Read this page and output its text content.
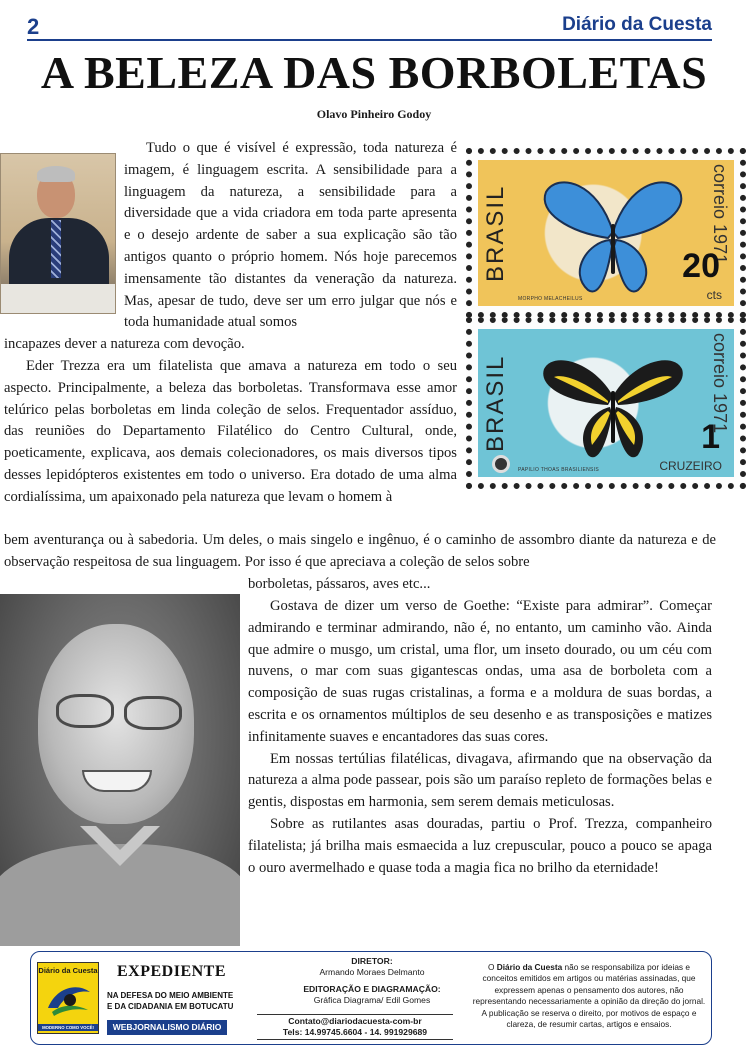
2	Diário da Cuesta
A BELEZA DAS BORBOLETAS
Olavo Pinheiro Godoy
BRASIL	correio 1971
20
cts
MORPHO MELACHEILUS
BRASIL	correio 1971
1
CRUZEIRO
PAPILIO THOAS BRASILIENSIS

Tudo o que é visível é expressão, toda natureza é imagem, é linguagem escrita. A sensibilidade para a linguagem da natureza, a sensibilidade para a diversidade que a vida criadora em toda parte apresenta e o desejo ardente de saber a sua explicação são tão antigos quanto o próprio homem. Nós hoje parecemos imensamente tão distantes da veneração da natureza. Mas, apesar de tudo, deve ser um erro julgar que nós e toda humanidade atual somos

incapazes dever a natureza com devoção.

Eder Trezza era um filatelista que amava a natureza em todo o seu aspecto. Principalmente, a beleza das borboletas. Transformava esse amor telúrico pelas borboletas em linda coleção de selos. Frequentador assíduo, das reuniões do Departamento Filatélico do Centro Cultural, onde, poeticamente, explicava, aos demais colecionadores, os mais diversos tipos desses lepidópteros existentes em todo o universo. Era dotado de uma alma cordialíssima, um apaixonado pela natureza que levam o homem à

bem aventurança ou à sabedoria. Um deles, o mais singelo e ingênuo, é o caminho de assombro diante da natureza e de observação respeitosa de sua linguagem. Por isso é que apreciava a coleção de selos sobre

borboletas, pássaros, aves etc...

Gostava de dizer um verso de Goethe: “Existe para admirar”. Começar admirando e terminar admirando, não é, no entanto, um caminho vão. Ainda que admire o musgo, um cristal, uma flor, um inseto dourado, ou um céu com nuvens, o mar com suas gigantescas ondas, uma asa de borboleta com a composição de suas rugas cristalinas, a forma e a moldura de suas bordas, a escrita e os ornamentos múltiplos de seu desenho e as transposições e matizes infinitamente suaves e encantadores das suas cores.

Em nossas tertúlias filatélicas, divagava, afirmando que na observação da natureza a alma pode passear, pois são um paraíso repleto de formações belas e gentis, dispostas em harmonia, sem serem demais meticulosas.

Sobre as rutilantes asas douradas, partiu o Prof. Trezza, companheiro filatelista; já brilha mais esmaecida a luz crepuscular, pouco a pouco se apaga o ouro avermelhado e quase toda a magia fica no brilho da eternidade!

Diário da Cuesta
MODERNO COMO VOCÊ!
EXPEDIENTE
NA DEFESA DO MEIO AMBIENTE
E DA CIDADANIA EM BOTUCATU
WEBJORNALISMO DIÁRIO
DIRETOR:
Armando Moraes Delmanto
EDITORAÇÃO E DIAGRAMAÇÃO:
Gráfica Diagrama/ Edil Gomes
Contato@diariodacuesta-com-br
Tels: 14.99745.6604 - 14. 991929689
O Diário da Cuesta não se responsabiliza por ideias e conceitos emitidos em artigos ou matérias assinadas, que expressem apenas o pensamento dos autores, não representando necessariamente a opinião da direção do jornal. A publicação se reserva o direito, por motivos de espaço e clareza, de resumir cartas, artigos e ensaios.
